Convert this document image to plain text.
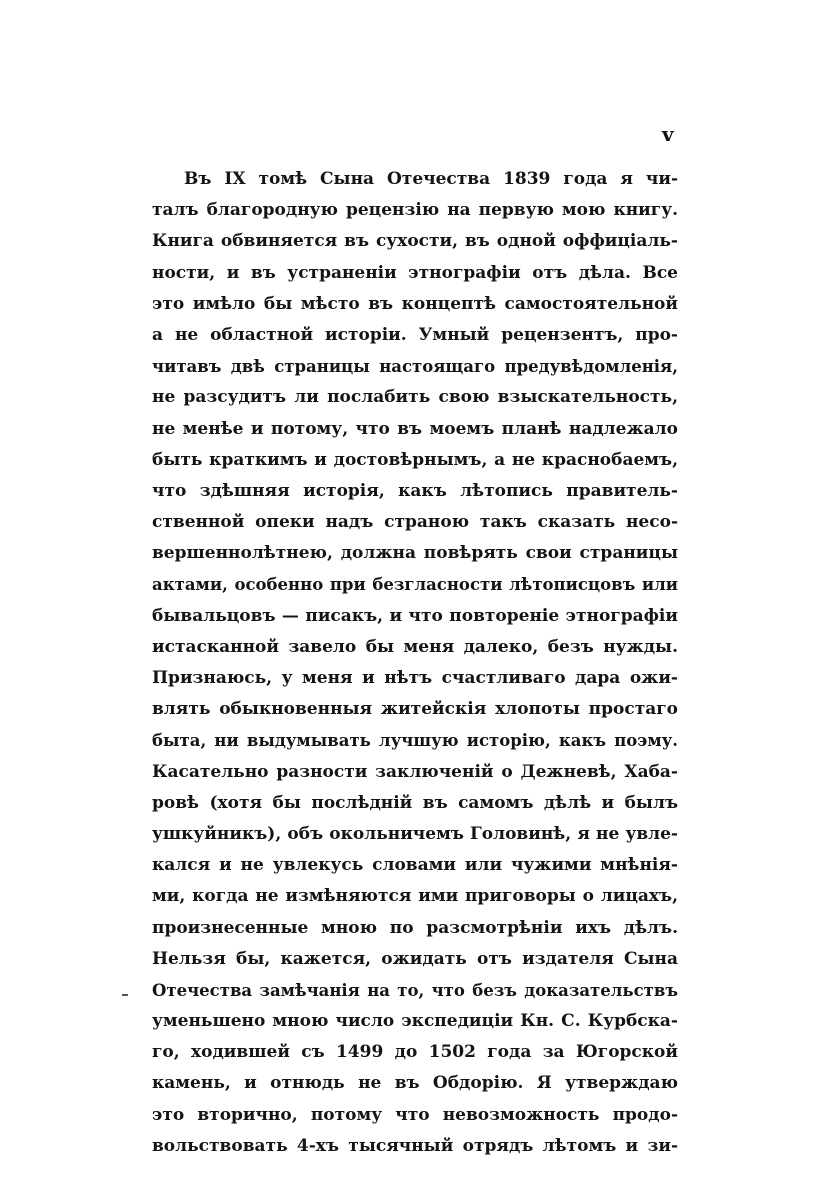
v
Въ IX томѣ Сына Отечества 1839 года я чи-
талъ благородную рецензію на первую мою книгу.
Книга обвиняется въ сухости, въ одной оффиціаль-
ности, и въ устраненіи этнографіи отъ дѣла. Все
это имѣло бы мѣсто въ концептѣ самостоятельной
а не областной исторіи. Умный рецензентъ, про-
читавъ двѣ страницы настоящаго предувѣдомленія,
не разсудитъ ли послабить свою взыскательность,
не менѣе и потому, что въ моемъ планѣ надлежало
быть краткимъ и достовѣрнымъ, а не краснобаемъ,
что здѣшняя исторія, какъ лѣтопись правитель-
ственной опеки надъ страною такъ сказать несо-
вершеннолѣтнею, должна повѣрять свои страницы
актами, особенно при безгласности лѣтописцовъ или
бывальцовъ — писакъ, и что повтореніе этнографіи
истасканной завело бы меня далеко, безъ нужды.
Признаюсь, у меня и нѣтъ счастливаго дара ожи-
влять обыкновенныя житейскія хлопоты простаго
быта, ни выдумывать лучшую исторію, какъ поэму.
Касательно разности заключеній о Дежневѣ, Хаба-
ровѣ (хотя бы послѣдній въ самомъ дѣлѣ и былъ
ушкуйникъ), объ окольничемъ Головинѣ, я не увле-
кался и не увлекусь словами или чужими мнѣнія-
ми, когда не измѣняются ими приговоры о лицахъ,
произнесенные мною по разсмотрѣніи ихъ дѣлъ.
Нельзя бы, кажется, ожидать отъ издателя Сына
Отечества замѣчанія на то, что безъ доказательствъ
уменьшено мною число экспедиціи Кн. С. Курбска-
го, ходившей съ 1499 до 1502 года за Югорской
камень, и отнюдь не въ Обдорію. Я утверждаю
это вторично, потому что невозможность продо-
вольствовать 4-хъ тысячный отрядъ лѣтомъ и зи-
